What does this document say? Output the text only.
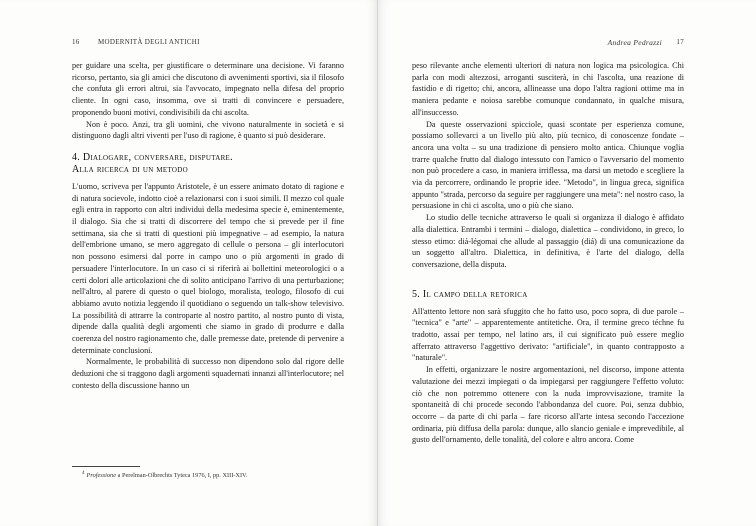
16	MODERNITÀ DEGLI ANTICHI

per guidare una scelta, per giustificare o determinare una decisione. Vi faranno ricorso, pertanto, sia gli amici che discutono di avvenimenti sportivi, sia il filosofo che confuta gli errori altrui, sia l'avvocato, impegnato nella difesa del proprio cliente. In ogni caso, insomma, ove si tratti di convincere e persuadere, proponendo buoni motivi, condivisibili da chi ascolta.

Non è poco. Anzi, tra gli uomini, che vivono naturalmente in società e si distinguono dagli altri viventi per l'uso di ragione, è quanto si può desiderare.

4. Dialogare, conversare, disputare.
Alla ricerca di un metodo

L'uomo, scriveva per l'appunto Aristotele, è un essere animato dotato di ragione e di natura socievole, indotto cioè a relazionarsi con i suoi simili. Il mezzo col quale egli entra in rapporto con altri individui della medesima specie è, eminentemente, il dialogo. Sia che si tratti di discorrere del tempo che si prevede per il fine settimana, sia che si tratti di questioni più impegnative – ad esempio, la natura dell'embrione umano, se mero aggregato di cellule o persona – gli interlocutori non possono esimersi dal porre in campo uno o più argomenti in grado di persuadere l'interlocutore. In un caso ci si riferirà ai bollettini meteorologici o a certi dolori alle articolazioni che di solito anticipano l'arrivo di una perturbazione; nell'altro, al parere di questo o quel biologo, moralista, teologo, filosofo di cui abbiamo avuto notizia leggendo il quotidiano o seguendo un talk-show televisivo. La possibilità di attrarre la controparte al nostro partito, al nostro punto di vista, dipende dalla qualità degli argomenti che siamo in grado di produrre e dalla coerenza del nostro ragionamento che, dalle premesse date, pretende di pervenire a determinate conclusioni.

Normalmente, le probabilità di successo non dipendono solo dal rigore delle deduzioni che si traggono dagli argomenti squadernati innanzi all'interlocutore; nel contesto della discussione hanno un

$^4$ Professione a Perelman-Olbrechts Tyteca 1976, I, pp. XIII-XIV.
Andrea Pedrazzi 17

peso rilevante anche elementi ulteriori di natura non logica ma psicologica. Chi parla con modi altezzosi, arroganti susciterà, in chi l'ascolta, una reazione di fastidio e di rigetto; chi, ancora, allineasse una dopo l'altra ragioni ottime ma in maniera pedante e noiosa sarebbe comunque condannato, in qualche misura, all'insuccesso.

Da queste osservazioni spicciole, quasi scontate per esperienza comune, possiamo sollevarci a un livello più alto, più tecnico, di conoscenze fondate – ancora una volta – su una tradizione di pensiero molto antica. Chiunque voglia trarre qualche frutto dal dialogo intessuto con l'amico o l'avversario del momento non può procedere a caso, in maniera irriflessa, ma darsi un metodo e scegliere la via da percorrere, ordinando le proprie idee. "Metodo", in lingua greca, significa appunto "strada, percorso da seguire per raggiungere una meta": nel nostro caso, la persuasione in chi ci ascolta, uno o più che siano.

Lo studio delle tecniche attraverso le quali si organizza il dialogo è affidato alla dialettica. Entrambi i termini – dialogo, dialettica – condividono, in greco, lo stesso etimo: diá-légomai che allude al passaggio (diá) di una comunicazione da un soggetto all'altro. Dialettica, in definitiva, è l'arte del dialogo, della conversazione, della disputa.

5. Il campo della retorica

All'attento lettore non sarà sfuggito che ho fatto uso, poco sopra, di due parole – "tecnica" e "arte" – apparentemente antitetiche. Ora, il termine greco téchne fu tradotto, assai per tempo, nel latino ars, il cui significato può essere meglio afferrato attraverso l'aggettivo derivato: "artificiale", in quanto contrapposto a "naturale".

In effetti, organizzare le nostre argomentazioni, nel discorso, impone attenta valutazione dei mezzi impiegati o da impiegarsi per raggiungere l'effetto voluto: ciò che non potremmo ottenere con la nuda improvvisazione, tramite la spontaneità di chi procede secondo l'abbondanza del cuore. Poi, senza dubbio, occorre – da parte di chi parla – fare ricorso all'arte intesa secondo l'accezione ordinaria, più diffusa della parola: dunque, allo slancio geniale e imprevedibile, al gusto dell'ornamento, delle tonalità, del colore e altro ancora. Come
